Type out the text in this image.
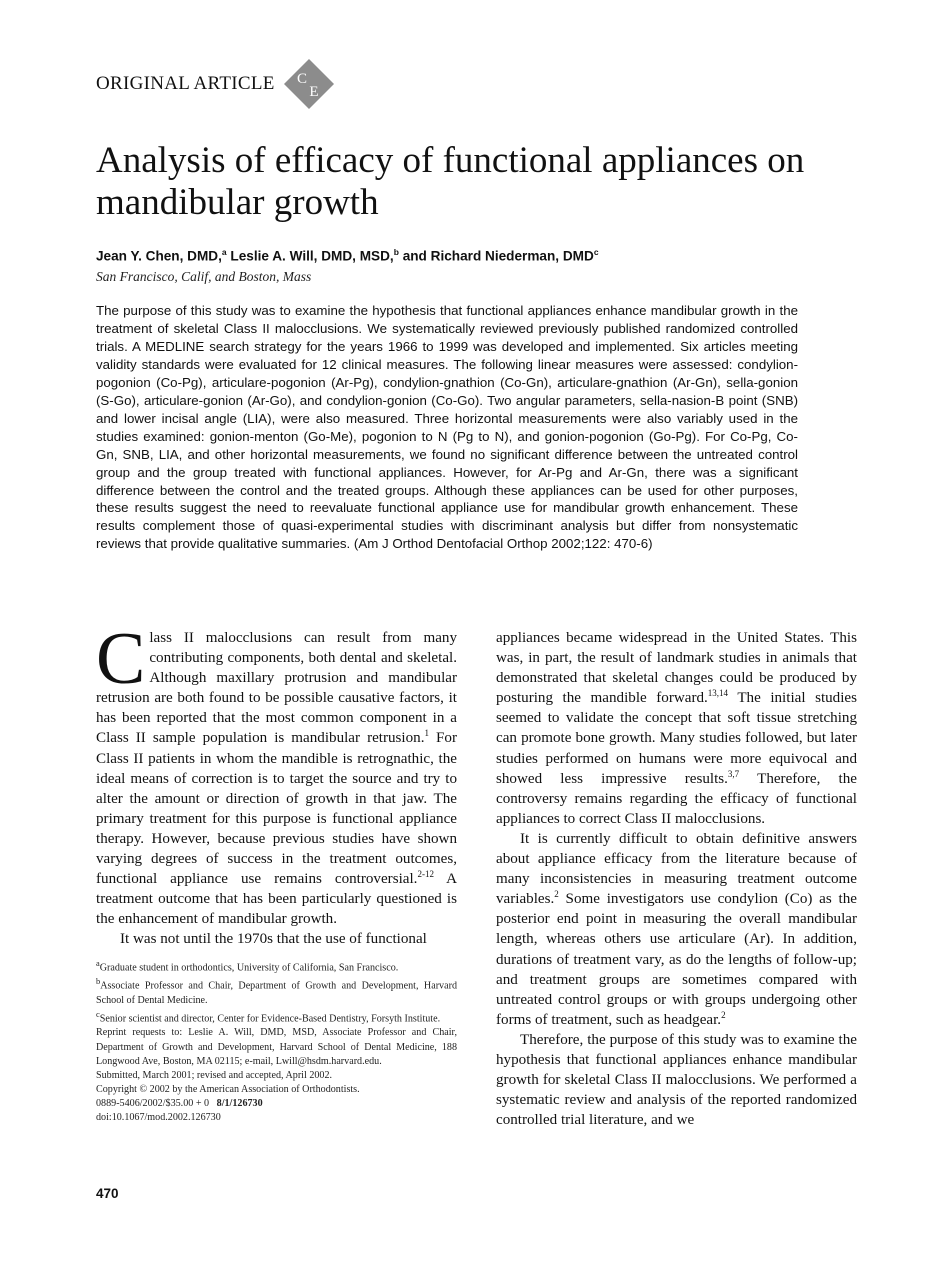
ORIGINAL ARTICLE C
E
Analysis of efficacy of functional appliances on mandibular growth
Jean Y. Chen, DMD,$^a$ Leslie A. Will, DMD, MSD,$^b$ and Richard Niederman, DMD$^c$
San Francisco, Calif, and Boston, Mass

The purpose of this study was to examine the hypothesis that functional appliances enhance mandibular growth in the treatment of skeletal Class II malocclusions. We systematically reviewed previously published randomized controlled trials. A MEDLINE search strategy for the years 1966 to 1999 was developed and implemented. Six articles meeting validity standards were evaluated for 12 clinical measures. The following linear measures were assessed: condylion-pogonion (Co-Pg), articulare-pogonion (Ar-Pg), condylion-gnathion (Co-Gn), articulare-gnathion (Ar-Gn), sella-gonion (S-Go), articulare-gonion (Ar-Go), and condylion-gonion (Co-Go). Two angular parameters, sella-nasion-B point (SNB) and lower incisal angle (LIA), were also measured. Three horizontal measurements were also variably used in the studies examined: gonion-menton (Go-Me), pogonion to N (Pg to N), and gonion-pogonion (Go-Pg). For Co-Pg, Co-Gn, SNB, LIA, and other horizontal measurements, we found no significant difference between the untreated control group and the group treated with functional appliances. However, for Ar-Pg and Ar-Gn, there was a significant difference between the control and the treated groups. Although these appliances can be used for other purposes, these results suggest the need to reevaluate functional appliance use for mandibular growth enhancement. These results complement those of quasi-experimental studies with discriminant analysis but differ from nonsystematic reviews that provide qualitative summaries. (Am J Orthod Dentofacial Orthop 2002;122: 470-6)

Class II malocclusions can result from many contributing components, both dental and skeletal. Although maxillary protrusion and mandibular retrusion are both found to be possible causative factors, it has been reported that the most common component in a Class II sample population is mandibular retrusion.$^1$ For Class II patients in whom the mandible is retrognathic, the ideal means of correction is to target the source and try to alter the amount or direction of growth in that jaw. The primary treatment for this purpose is functional appliance therapy. However, because previous studies have shown varying degrees of success in the treatment outcomes, functional appliance use remains controversial.$^{2-12}$ A treatment outcome that has been particularly questioned is the enhancement of mandibular growth.

It was not until the 1970s that the use of functional

appliances became widespread in the United States. This was, in part, the result of landmark studies in animals that demonstrated that skeletal changes could be produced by posturing the mandible forward.$^{13,14}$ The initial studies seemed to validate the concept that soft tissue stretching can promote bone growth. Many studies followed, but later studies performed on humans were more equivocal and showed less impressive results.$^{3,7}$ Therefore, the controversy remains regarding the efficacy of functional appliances to correct Class II malocclusions.

It is currently difficult to obtain definitive answers about appliance efficacy from the literature because of many inconsistencies in measuring treatment outcome variables.$^2$ Some investigators use condylion (Co) as the posterior end point in measuring the overall mandibular length, whereas others use articulare (Ar). In addition, durations of treatment vary, as do the lengths of follow-up; and treatment groups are sometimes compared with untreated control groups or with groups undergoing other forms of treatment, such as headgear.$^2$

Therefore, the purpose of this study was to examine the hypothesis that functional appliances enhance mandibular growth for skeletal Class II malocclusions. We performed a systematic review and analysis of the reported randomized controlled trial literature, and we

$^a$Graduate student in orthodontics, University of California, San Francisco.

$^b$Associate Professor and Chair, Department of Growth and Development, Harvard School of Dental Medicine.

$^c$Senior scientist and director, Center for Evidence-Based Dentistry, Forsyth Institute.

Reprint requests to: Leslie A. Will, DMD, MSD, Associate Professor and Chair, Department of Growth and Development, Harvard School of Dental Medicine, 188 Longwood Ave, Boston, MA 02115; e-mail, Lwill@hsdm.harvard.edu.

Submitted, March 2001; revised and accepted, April 2002.

Copyright © 2002 by the American Association of Orthodontists.

0889-5406/2002/$35.00 + 0 8/1/126730

doi:10.1067/mod.2002.126730

470
